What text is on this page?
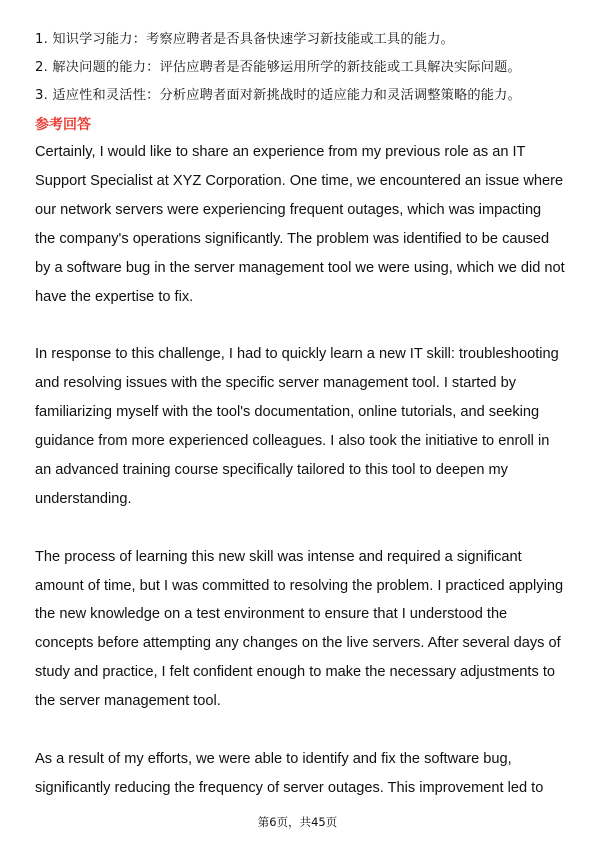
1. 知识学习能力：考察应聘者是否具备快速学习新技能或工具的能力。
2. 解决问题的能力：评估应聘者是否能够运用所学的新技能或工具解决实际问题。
3. 适应性和灵活性：分析应聘者面对新挑战时的适应能力和灵活调整策略的能力。
参考回答

Certainly, I would like to share an experience from my previous role as an IT Support Specialist at XYZ Corporation. One time, we encountered an issue where our network servers were experiencing frequent outages, which was impacting the company's operations significantly. The problem was identified to be caused by a software bug in the server management tool we were using, which we did not have the expertise to fix.

In response to this challenge, I had to quickly learn a new IT skill: troubleshooting and resolving issues with the specific server management tool. I started by familiarizing myself with the tool's documentation, online tutorials, and seeking guidance from more experienced colleagues. I also took the initiative to enroll in an advanced training course specifically tailored to this tool to deepen my understanding.

The process of learning this new skill was intense and required a significant amount of time, but I was committed to resolving the problem. I practiced applying the new knowledge on a test environment to ensure that I understood the concepts before attempting any changes on the live servers. After several days of study and practice, I felt confident enough to make the necessary adjustments to the server management tool.

As a result of my efforts, we were able to identify and fix the software bug, significantly reducing the frequency of server outages. This improvement led to

第6页，共45页
